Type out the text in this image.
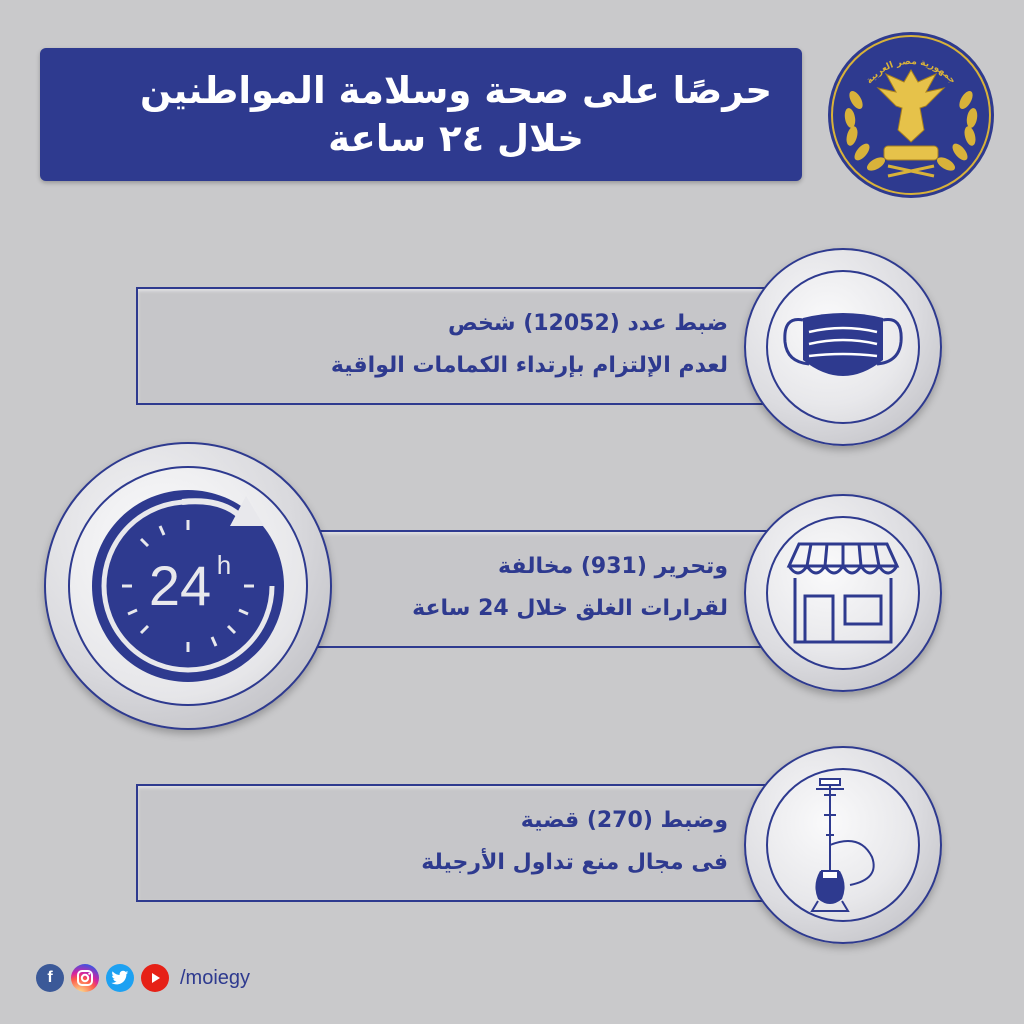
حرصًا على صحة وسلامة المواطنين
خلال ٢٤ ساعة
جمهورية مصر العربية
ضبط عدد (12052) شخص
لعدم الإلتزام بإرتداء الكمامات الواقية
وتحرير (931) مخالفة
لقرارات الغلق خلال 24 ساعة
24 h
وضبط (270) قضية
فى مجال منع تداول الأرجيلة
f	/moiegy
